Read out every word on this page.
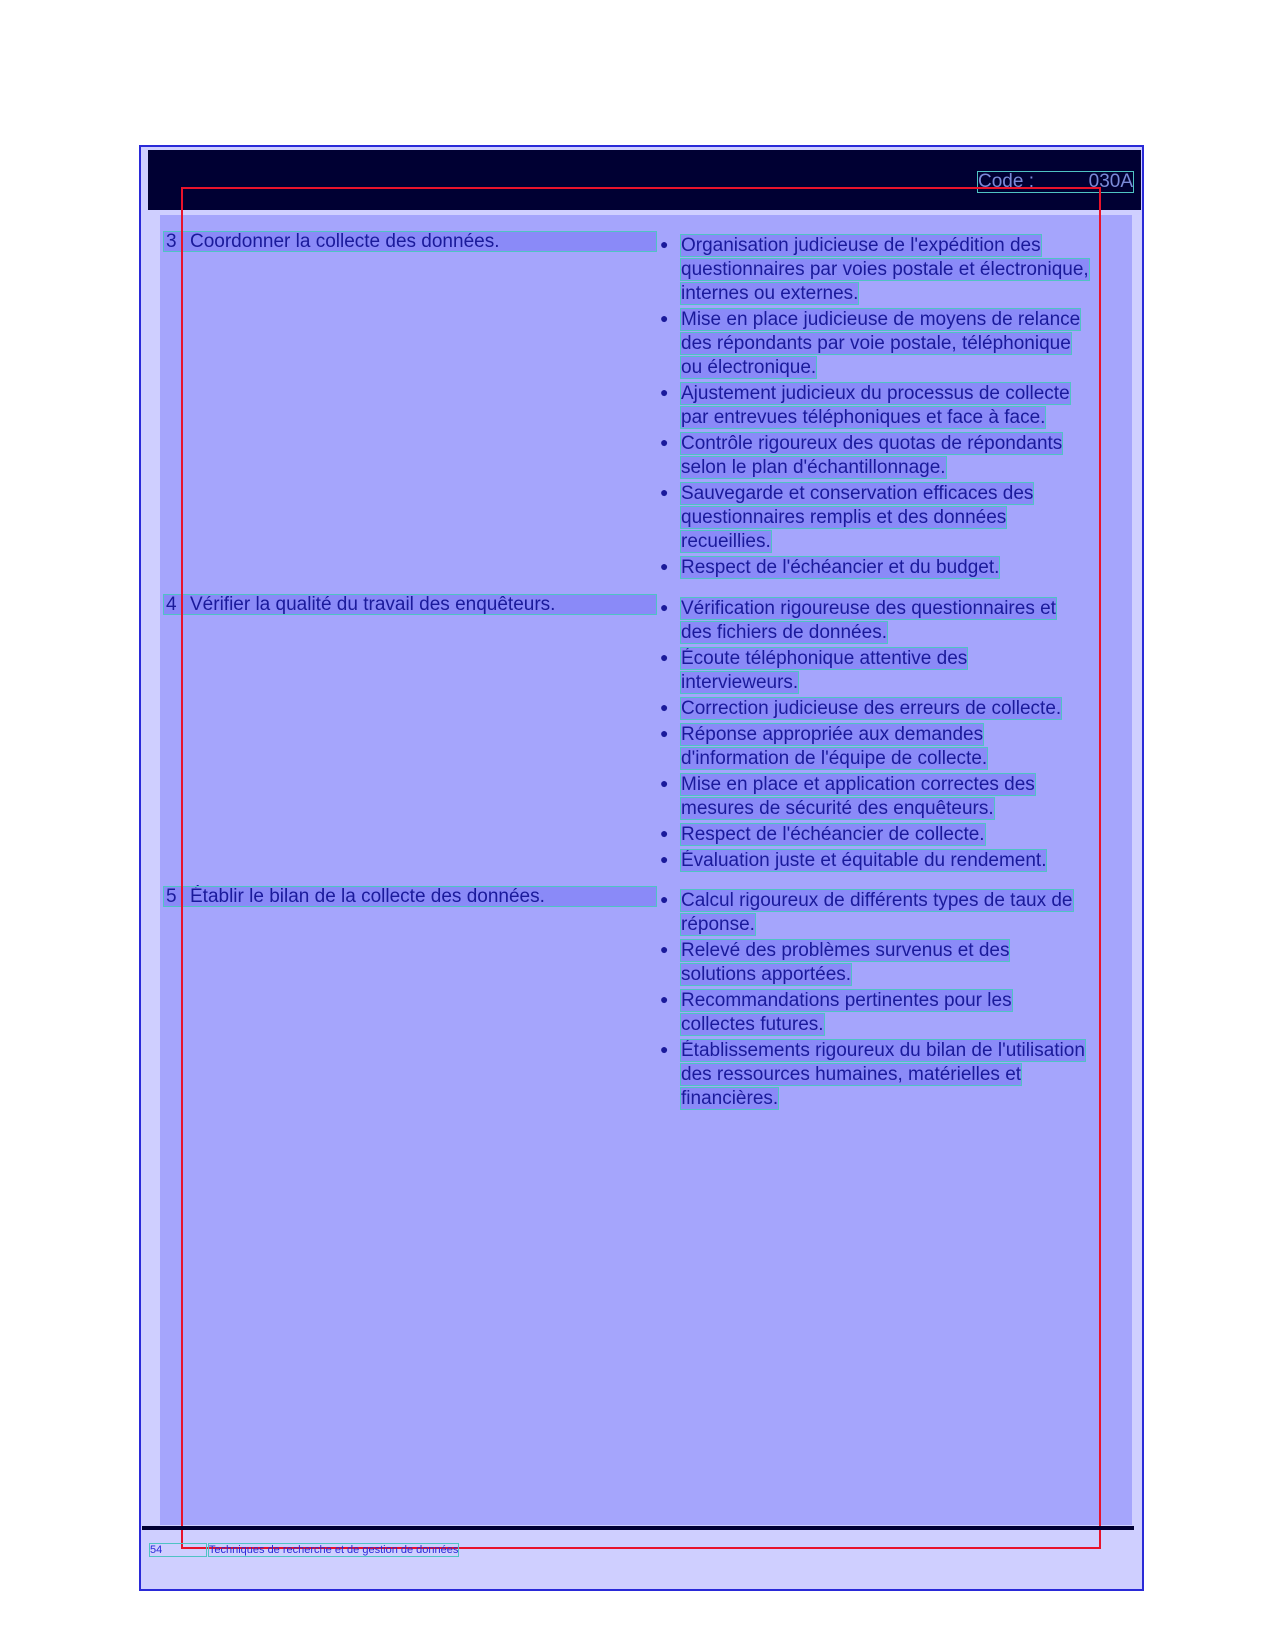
Code :	030A
3 Coordonner la collecte des données.	● Organisation judicieuse de l'expédition des
questionnaires par voies postale et électronique,
internes ou externes.
● Mise en place judicieuse de moyens de relance
des répondants par voie postale, téléphonique
ou électronique.
● Ajustement judicieux du processus de collecte
par entrevues téléphoniques et face à face.
● Contrôle rigoureux des quotas de répondants
selon le plan d'échantillonnage.
● Sauvegarde et conservation efficaces des
questionnaires remplis et des données
recueillies.
● Respect de l'échéancier et du budget.
4 Vérifier la qualité du travail des enquêteurs.	● Vérification rigoureuse des questionnaires et
des fichiers de données.
● Écoute téléphonique attentive des
intervieweurs.
● Correction judicieuse des erreurs de collecte.
● Réponse appropriée aux demandes
d'information de l'équipe de collecte.
● Mise en place et application correctes des
mesures de sécurité des enquêteurs.
● Respect de l'échéancier de collecte.
● Évaluation juste et équitable du rendement.
5 Établir le bilan de la collecte des données.	● Calcul rigoureux de différents types de taux de
réponse.
● Relevé des problèmes survenus et des
solutions apportées.
● Recommandations pertinentes pour les
collectes futures.
● Établissements rigoureux du bilan de l'utilisation
des ressources humaines, matérielles et
financières.
54	Techniques de recherche et de gestion de données
